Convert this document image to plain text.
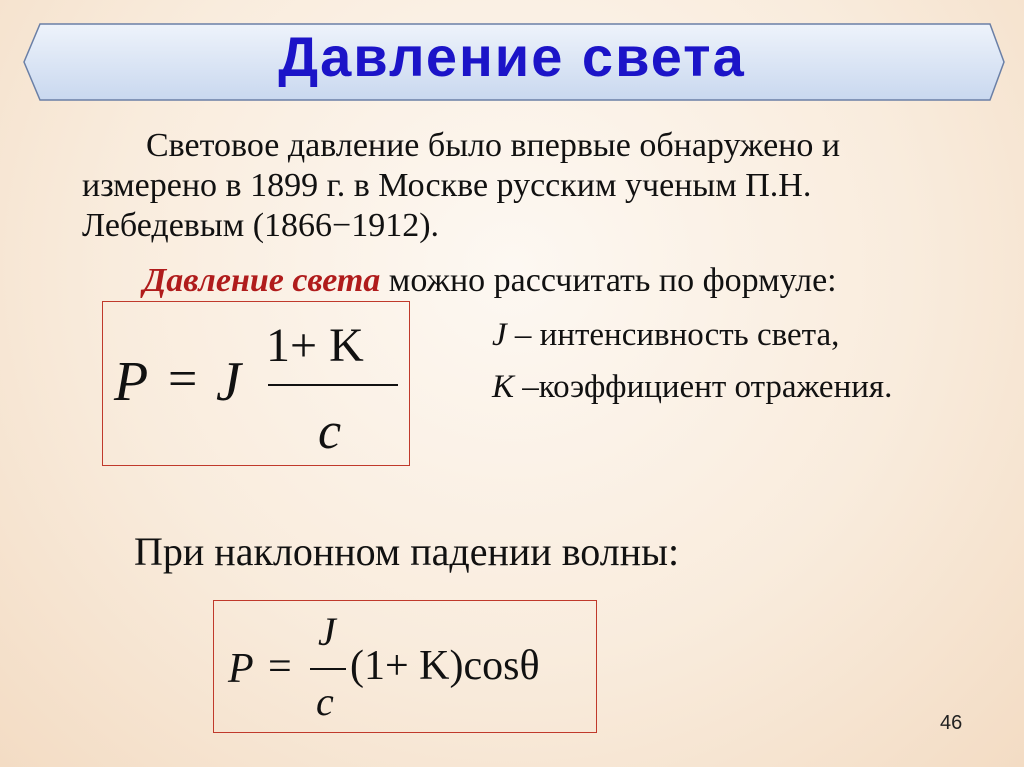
Давление света
Световое давление было впервые обнаружено и измерено в 1899 г. в Москве русским ученым П.Н. Лебедевым (1866−1912).
Давление света можно рассчитать по формуле:
P = J
1+ K
c
J – интенсивность света,
K –коэффициент отражения.
При наклонном падении волны:
P =
J
c
(1+ K)cosθ
46
